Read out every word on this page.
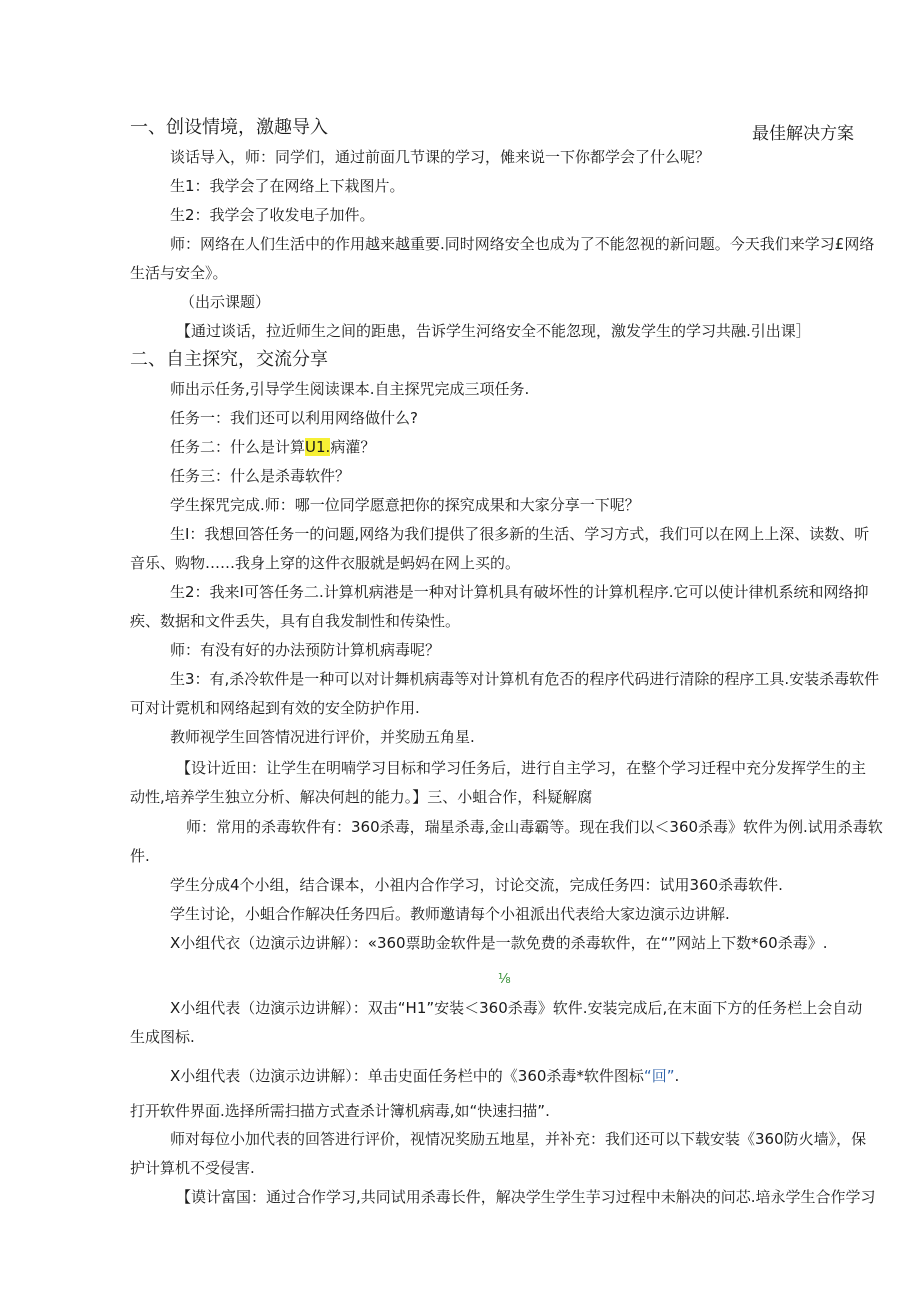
一、创设情境，激趣导入	最佳解决方案

谈话导入，师：同学们，通过前面几节课的学习，傩来说一下你都学会了什么呢？

生1：我学会了在网络上下栽图片。

生2：我学会了收发电子加件。

师：网络在人们生活中的作用越来越重要.同时网络安全也成为了不能忽视的新问题。今天我们来学习£网络

生活与安全》。

（出示课题）

【通过谈话，拉近师生之间的距患，告诉学生河络安全不能忽现，激发学生的学习共融.引出课］

二、自主探究，交流分享

师出示任务,引导学生阅读课本.自主探咒完成三项任务.

任务一：我们还可以利用网络做什么?

任务二：什么是计算U1.病灌？

任务三：什么是杀毒软件？

学生探咒完成.师：哪一位同学愿意把你的探究成果和大家分享一下呢？

生I：我想回答任务一的问题,网络为我们提供了很多新的生活、学习方式，我们可以在网上上深、读数、听

音乐、购物……我身上穿的这件衣服就是蚂妈在网上买的。

生2：我来I可答任务二.计算机病港是一种对计算机具有破坏性的计算机程序.它可以使计律机系统和网络抑

疾、数据和文件丢失，具有自我发制性和传染性。

师：有没有好的办法预防计算机病毒呢？

生3：有,杀冷软件是一种可以对计舞机病毒等对计算机有危否的程序代码进行清除的程序工具.安装杀毒软件

可对计霓机和网络起到有效的安全防护作用.

教师视学生回答情况进行评价，并奖励五角星.

【设计近田：让学生在明喃学习目标和学习任务后，进行自主学习，在整个学习迁程中充分发挥学生的主

动性,培养学生独立分析、解决何赳的能力。】三、小蛆合作，科疑解腐

师：常用的杀毒软件有：360杀毒，瑞星杀毒,金山毒霸等。现在我们以＜360杀毒》软件为例.试用杀毒软

件.

学生分成4个小组，结合课本，小祖内合作学习，讨论交流，完成任务四：试用360杀毒软件.

学生讨论，小蛆合作解决任务四后。教师邀请每个小祖派出代表给大家边演示边讲解.

X小组代衣（边演示边讲解）：«360票助金软件是一款免费的杀毒软件，在“”网站上下数*60杀毒》.

⅛

X小组代表（边演示边讲解）：双击“H1”安装＜360杀毒》软件.安装完成后,在末面下方的任务栏上会自动

生成图标.

X小组代表（边演示边讲解）：单击史面任务栏中的《360杀毒*软件图标“回”.

打开软件界面.选择所需扫描方式查杀计簿机病毒,如“快速扫描”.

师对每位小加代表的回答进行评价，视情况奖励五地星，并补充：我们还可以下载安装《360防火墙》，保

护计算机不受侵害.

【谟计富国：通过合作学习,共同试用杀毒长件，解决学生学生芋习过程中未斛决的问芯.培永学生合作学习
